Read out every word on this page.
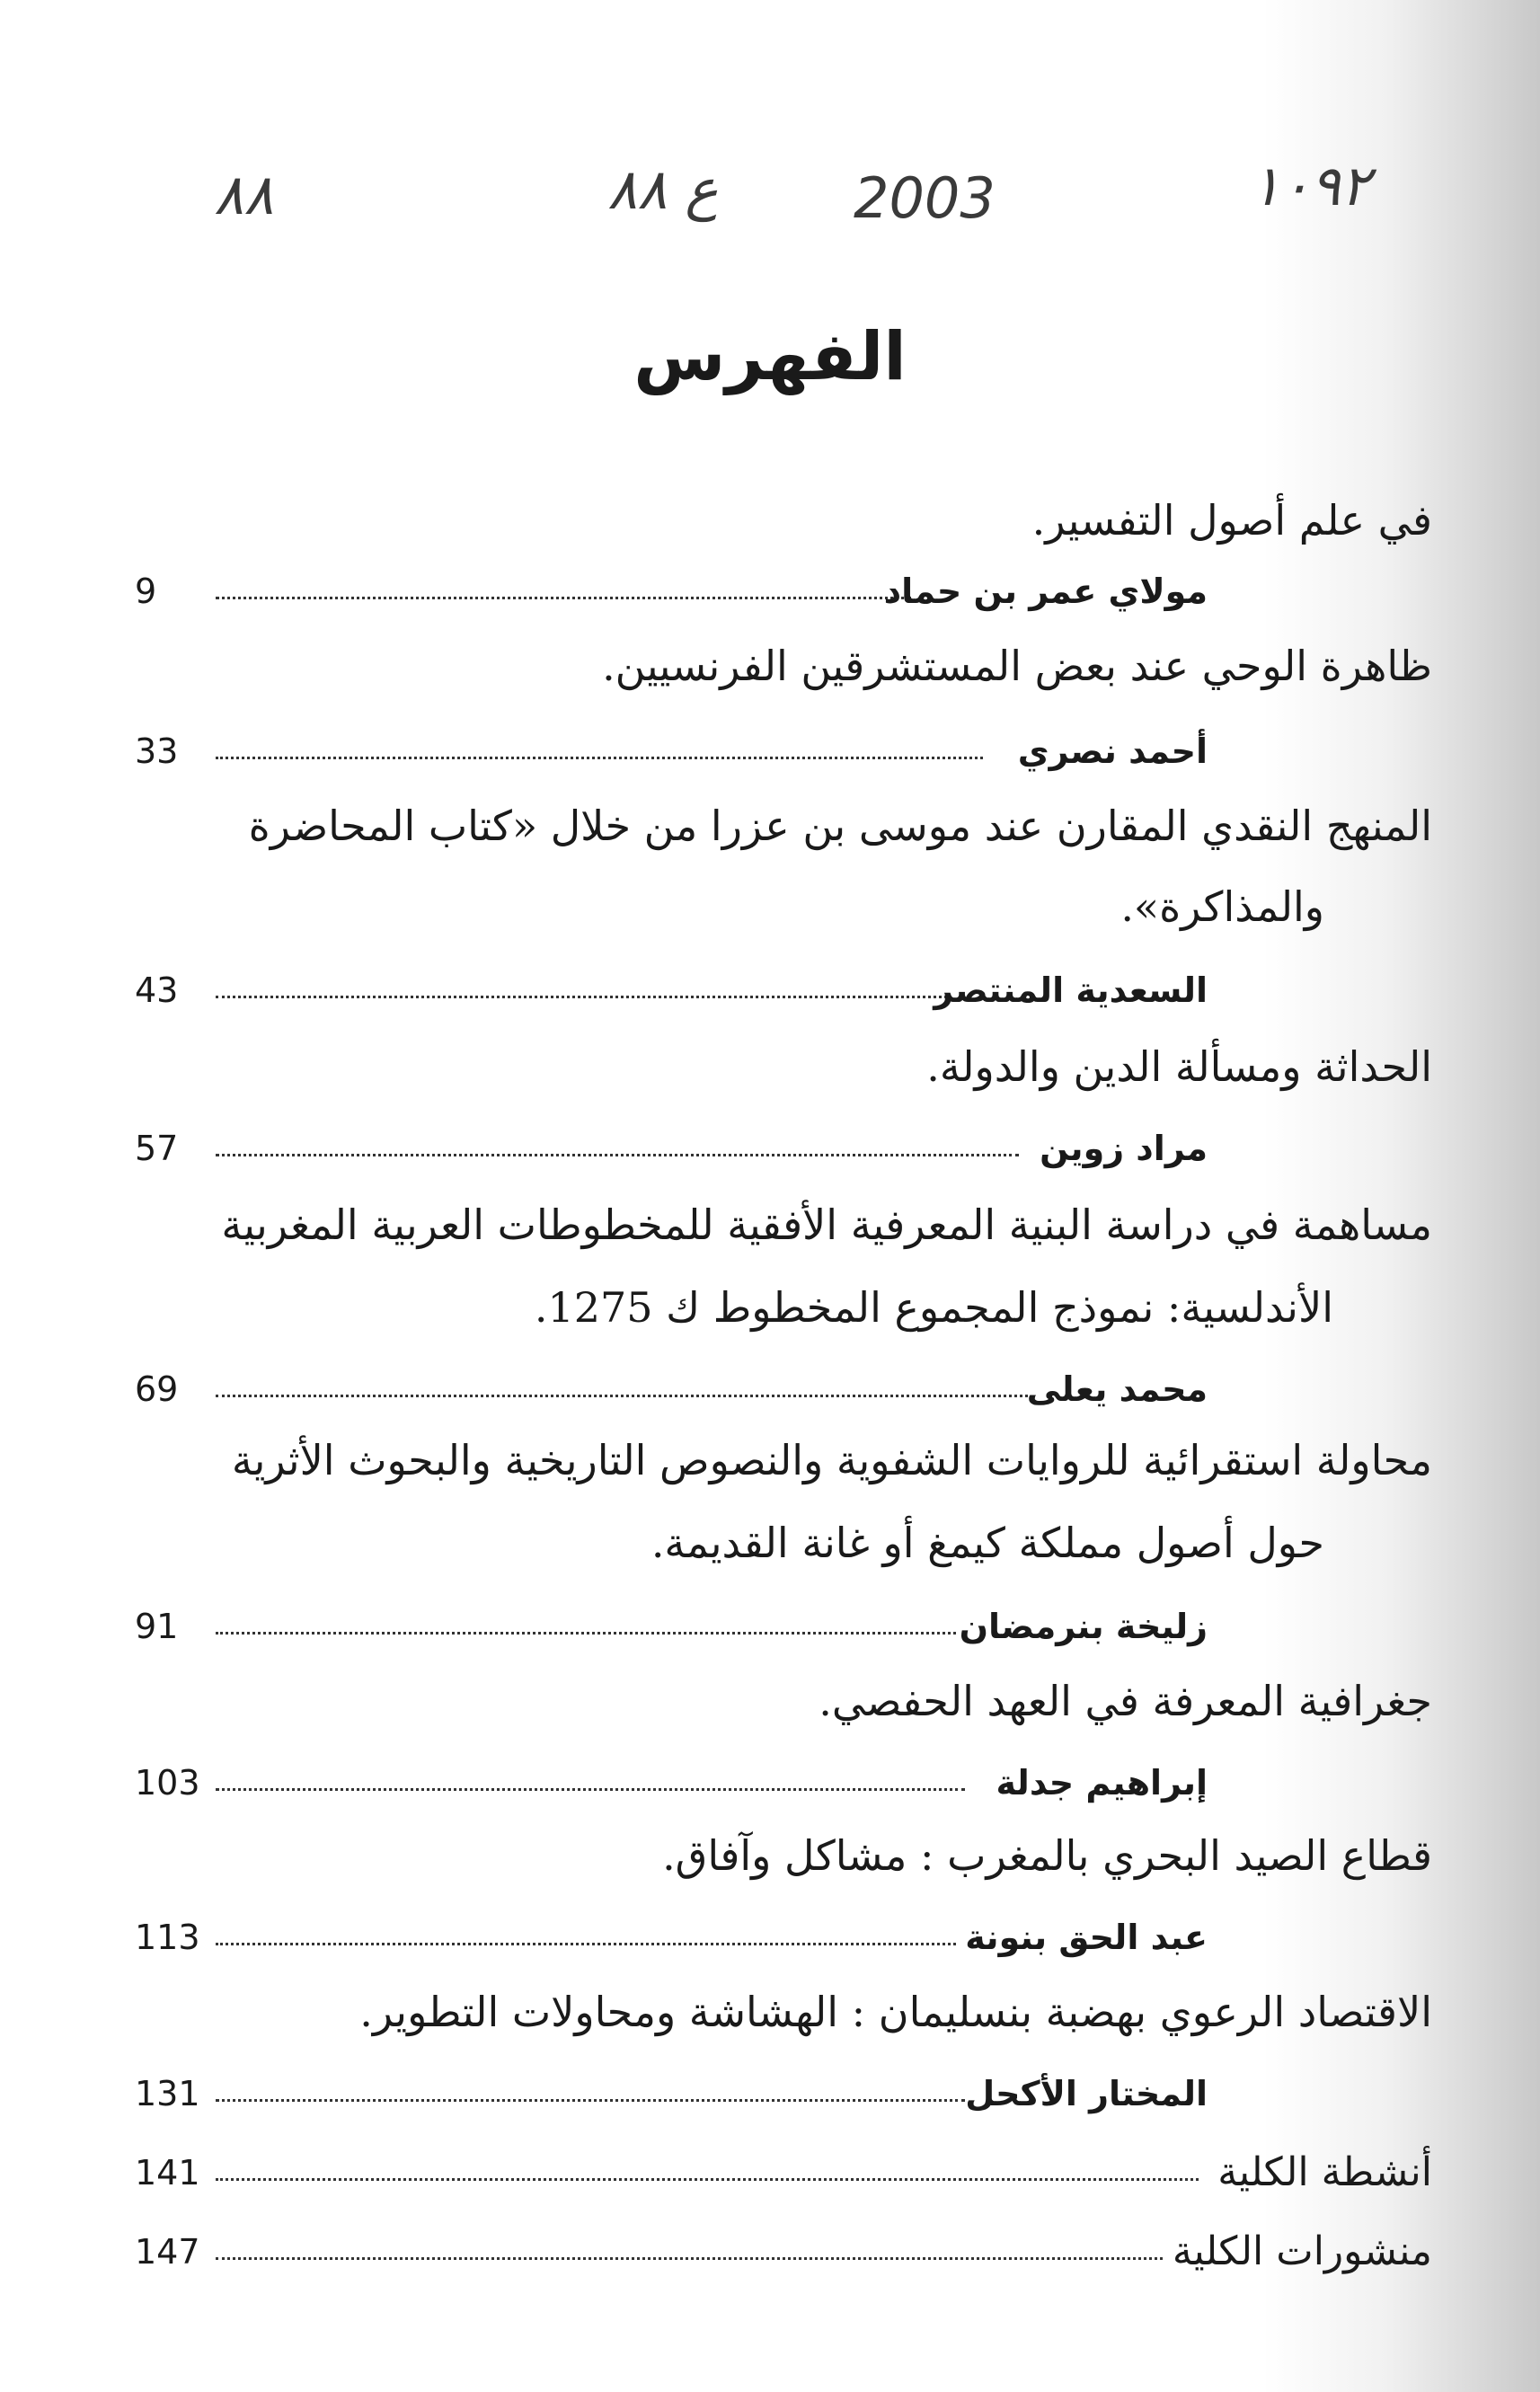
٨٨	ع ٨٨ 2003	١٠٩٢
الفهرس
في علم أصول التفسير.
9	مولاي عمر بن حماد
ظاهرة الوحي عند بعض المستشرقين الفرنسيين.
33	أحمد نصري
المنهج النقدي المقارن عند موسى بن عزرا من خلال «كتاب المحاضرة
والمذاكرة».
43	السعدية المنتصر
الحداثة ومسألة الدين والدولة.
57	مراد زوين
مساهمة في دراسة البنية المعرفية الأفقية للمخطوطات العربية المغربية
الأندلسية: نموذج المجموع المخطوط ك 1275.
69	محمد يعلى
محاولة استقرائية للروايات الشفوية والنصوص التاريخية والبحوث الأثرية
حول أصول مملكة كيمغ أو غانة القديمة.
91	زليخة بنرمضان
جغرافية المعرفة في العهد الحفصي.
103	إبراهيم جدلة
قطاع الصيد البحري بالمغرب : مشاكل وآفاق.
113	عبد الحق بنونة
الاقتصاد الرعوي بهضبة بنسليمان : الهشاشة ومحاولات التطوير.
131	المختار الأكحل
141	أنشطة الكلية
147	منشورات الكلية
